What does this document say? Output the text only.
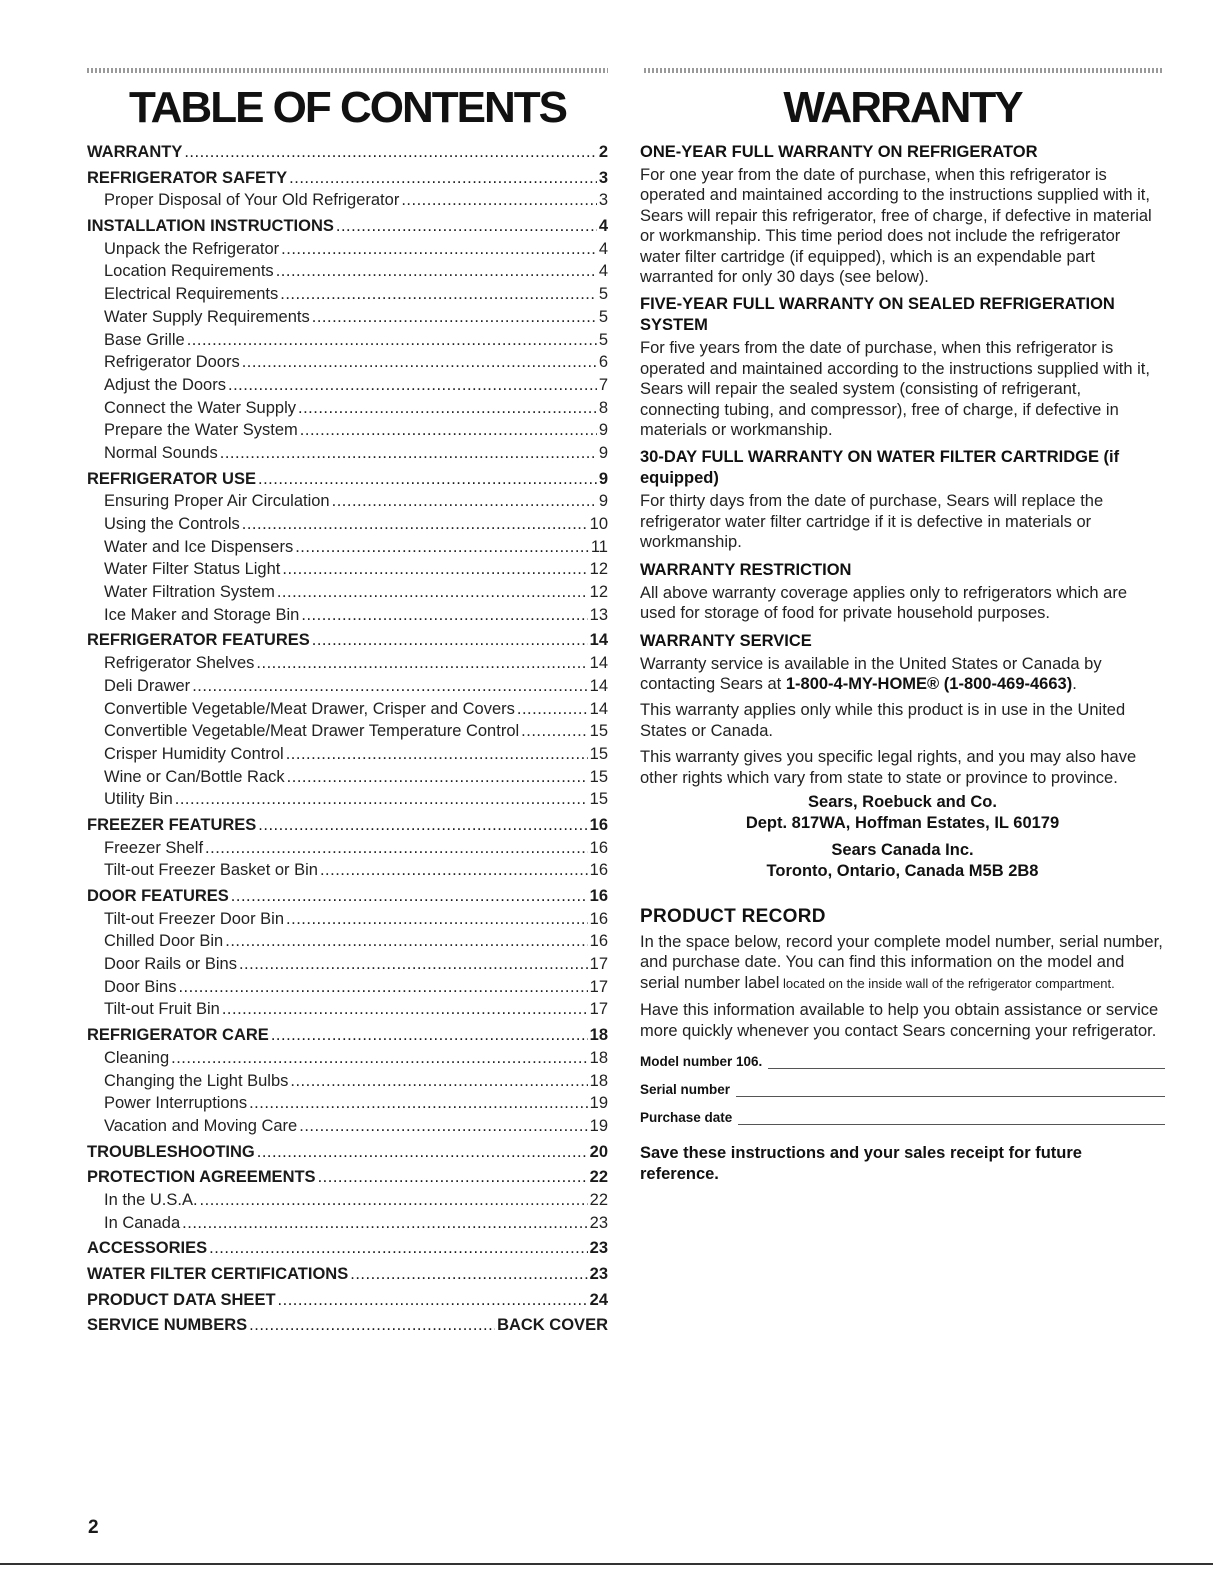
TABLE OF CONTENTS
WARRANTY .....	2
REFRIGERATOR SAFETY .....	3
Proper Disposal of Your Old Refrigerator .....	3
INSTALLATION INSTRUCTIONS .....	4
Unpack the Refrigerator .....	4
Location Requirements .....	4
Electrical Requirements .....	5
Water Supply Requirements .....	5
Base Grille .....	5
Refrigerator Doors .....	6
Adjust the Doors .....	7
Connect the Water Supply .....	8
Prepare the Water System .....	9
Normal Sounds .....	9
REFRIGERATOR USE .....	9
Ensuring Proper Air Circulation .....	9
Using the Controls .....	10
Water and Ice Dispensers .....	11
Water Filter Status Light .....	12
Water Filtration System .....	12
Ice Maker and Storage Bin .....	13
REFRIGERATOR FEATURES .....	14
Refrigerator Shelves .....	14
Deli Drawer .....	14
Convertible Vegetable/Meat Drawer, Crisper and Covers .....	14
Convertible Vegetable/Meat Drawer Temperature Control .....	15
Crisper Humidity Control .....	15
Wine or Can/Bottle Rack .....	15
Utility Bin .....	15
FREEZER FEATURES .....	16
Freezer Shelf .....	16
Tilt-out Freezer Basket or Bin .....	16
DOOR FEATURES .....	16
Tilt-out Freezer Door Bin .....	16
Chilled Door Bin .....	16
Door Rails or Bins .....	17
Door Bins .....	17
Tilt-out Fruit Bin .....	17
REFRIGERATOR CARE .....	18
Cleaning .....	18
Changing the Light Bulbs .....	18
Power Interruptions .....	19
Vacation and Moving Care .....	19
TROUBLESHOOTING .....	20
PROTECTION AGREEMENTS .....	22
In the U.S.A. .....	22
In Canada .....	23
ACCESSORIES .....	23
WATER FILTER CERTIFICATIONS .....	23
PRODUCT DATA SHEET .....	24
SERVICE NUMBERS .....	BACK COVER
WARRANTY
ONE-YEAR FULL WARRANTY ON REFRIGERATOR

For one year from the date of purchase, when this refrigerator is operated and maintained according to the instructions supplied with it, Sears will repair this refrigerator, free of charge, if defective in material or workmanship. This time period does not include the refrigerator water filter cartridge (if equipped), which is an expendable part warranted for only 30 days (see below).

FIVE-YEAR FULL WARRANTY ON SEALED REFRIGERATION SYSTEM

For five years from the date of purchase, when this refrigerator is operated and maintained according to the instructions supplied with it, Sears will repair the sealed system (consisting of refrigerant, connecting tubing, and compressor), free of charge, if defective in materials or workmanship.

30-DAY FULL WARRANTY ON WATER FILTER CARTRIDGE (if equipped)

For thirty days from the date of purchase, Sears will replace the refrigerator water filter cartridge if it is defective in materials or workmanship.

WARRANTY RESTRICTION

All above warranty coverage applies only to refrigerators which are used for storage of food for private household purposes.

WARRANTY SERVICE

Warranty service is available in the United States or Canada by contacting Sears at 1-800-4-MY-HOME® (1-800-469-4663).

This warranty applies only while this product is in use in the United States or Canada.

This warranty gives you specific legal rights, and you may also have other rights which vary from state to state or province to province.

Sears, Roebuck and Co.
Dept. 817WA, Hoffman Estates, IL 60179
Sears Canada Inc.
Toronto, Ontario, Canada M5B 2B8
PRODUCT RECORD

In the space below, record your complete model number, serial number, and purchase date. You can find this information on the model and serial number label located on the inside wall of the refrigerator compartment.

Have this information available to help you obtain assistance or service more quickly whenever you contact Sears concerning your refrigerator.

Model number 106.
Serial number
Purchase date
Save these instructions and your sales receipt for future reference.
2
